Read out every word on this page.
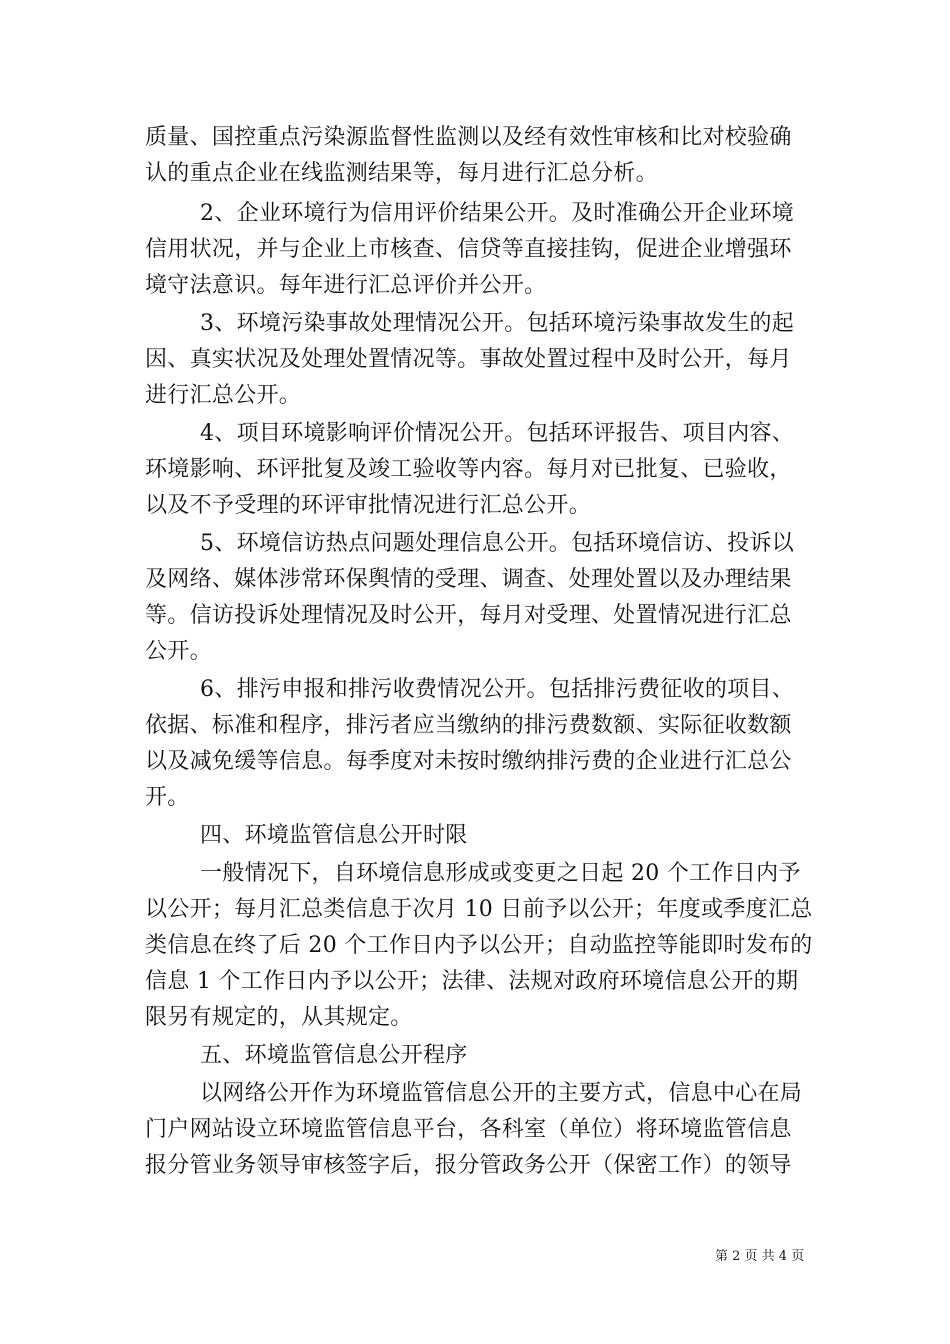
质量、国控重点污染源监督性监测以及经有效性审核和比对校验确
认的重点企业在线监测结果等，每月进行汇总分析。
2、企业环境行为信用评价结果公开。及时准确公开企业环境
信用状况，并与企业上市核查、信贷等直接挂钩，促进企业增强环
境守法意识。每年进行汇总评价并公开。
3、环境污染事故处理情况公开。包括环境污染事故发生的起
因、真实状况及处理处置情况等。事故处置过程中及时公开，每月
进行汇总公开。
4、项目环境影响评价情况公开。包括环评报告、项目内容、
环境影响、环评批复及竣工验收等内容。每月对已批复、已验收，
以及不予受理的环评审批情况进行汇总公开。
5、环境信访热点问题处理信息公开。包括环境信访、投诉以
及网络、媒体涉常环保舆情的受理、调查、处理处置以及办理结果
等。信访投诉处理情况及时公开，每月对受理、处置情况进行汇总
公开。
6、排污申报和排污收费情况公开。包括排污费征收的项目、
依据、标准和程序，排污者应当缴纳的排污费数额、实际征收数额
以及减免缓等信息。每季度对未按时缴纳排污费的企业进行汇总公
开。
四、环境监管信息公开时限
一般情况下，自环境信息形成或变更之日起 20 个工作日内予
以公开；每月汇总类信息于次月 10 日前予以公开；年度或季度汇总
类信息在终了后 20 个工作日内予以公开；自动监控等能即时发布的
信息 1 个工作日内予以公开；法律、法规对政府环境信息公开的期
限另有规定的，从其规定。
五、环境监管信息公开程序
以网络公开作为环境监管信息公开的主要方式，信息中心在局
门户网站设立环境监管信息平台，各科室（单位）将环境监管信息
报分管业务领导审核签字后，报分管政务公开（保密工作）的领导
第 2 页 共 4 页
